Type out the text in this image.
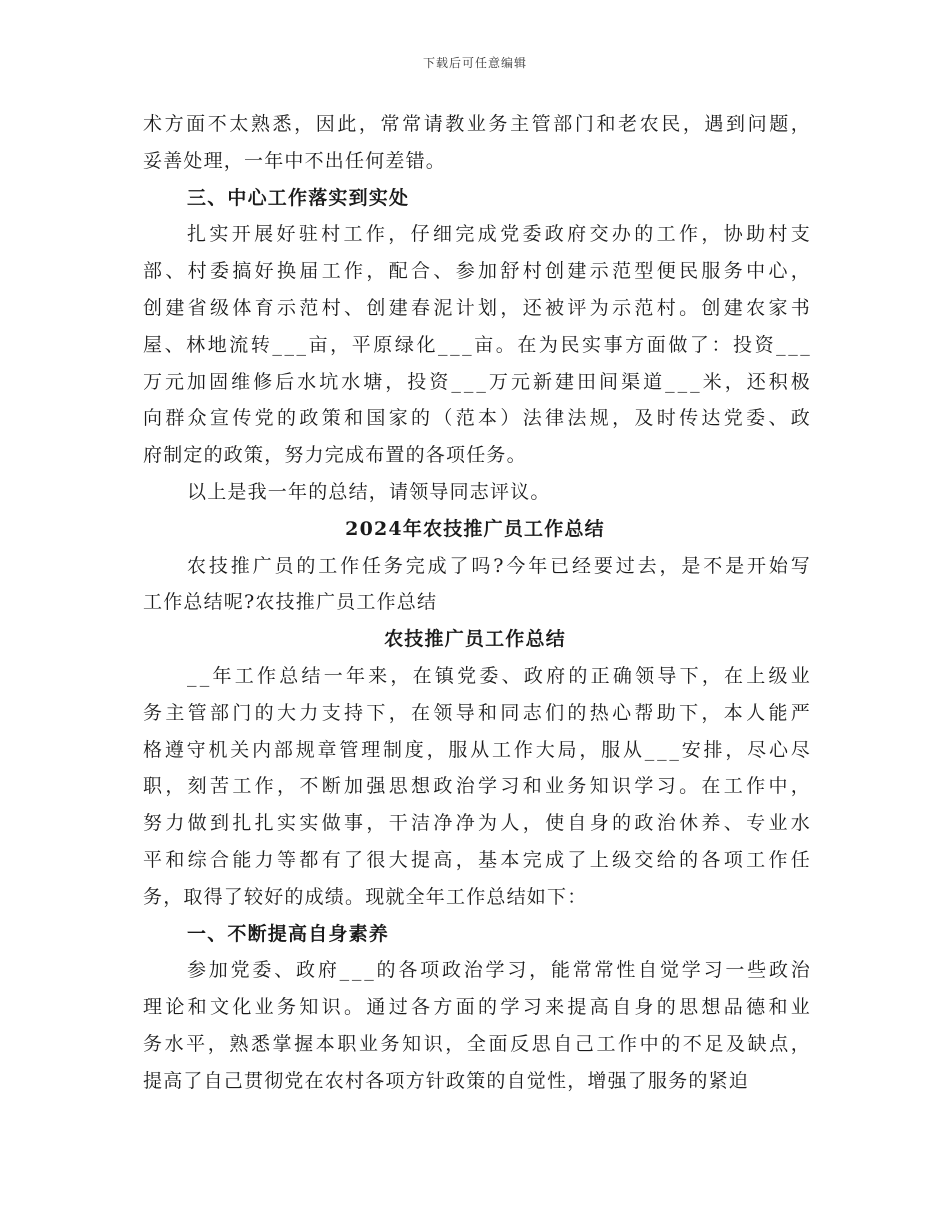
下载后可任意编辑
术方面不太熟悉，因此，常常请教业务主管部门和老农民，遇到问题，
妥善处理，一年中不出任何差错。
三、中心工作落实到实处
扎实开展好驻村工作，仔细完成党委政府交办的工作，协助村支
部、村委搞好换届工作，配合、参加舒村创建示范型便民服务中心，
创建省级体育示范村、创建春泥计划，还被评为示范村。创建农家书
屋、林地流转___亩，平原绿化___亩。在为民实事方面做了：投资___
万元加固维修后水坑水塘，投资___万元新建田间渠道___米，还积极
向群众宣传党的政策和国家的（范本）法律法规，及时传达党委、政
府制定的政策，努力完成布置的各项任务。
以上是我一年的总结，请领导同志评议。
2024年农技推广员工作总结
农技推广员的工作任务完成了吗?今年已经要过去，是不是开始写
工作总结呢?农技推广员工作总结
农技推广员工作总结
__年工作总结一年来，在镇党委、政府的正确领导下，在上级业
务主管部门的大力支持下，在领导和同志们的热心帮助下，本人能严
格遵守机关内部规章管理制度，服从工作大局，服从___安排，尽心尽
职，刻苦工作，不断加强思想政治学习和业务知识学习。在工作中，
努力做到扎扎实实做事，干洁净净为人，使自身的政治休养、专业水
平和综合能力等都有了很大提高，基本完成了上级交给的各项工作任
务，取得了较好的成绩。现就全年工作总结如下：
一、不断提高自身素养
参加党委、政府___的各项政治学习，能常常性自觉学习一些政治
理论和文化业务知识。通过各方面的学习来提高自身的思想品德和业
务水平，熟悉掌握本职业务知识，全面反思自己工作中的不足及缺点，
提高了自己贯彻党在农村各项方针政策的自觉性，增强了服务的紧迫
